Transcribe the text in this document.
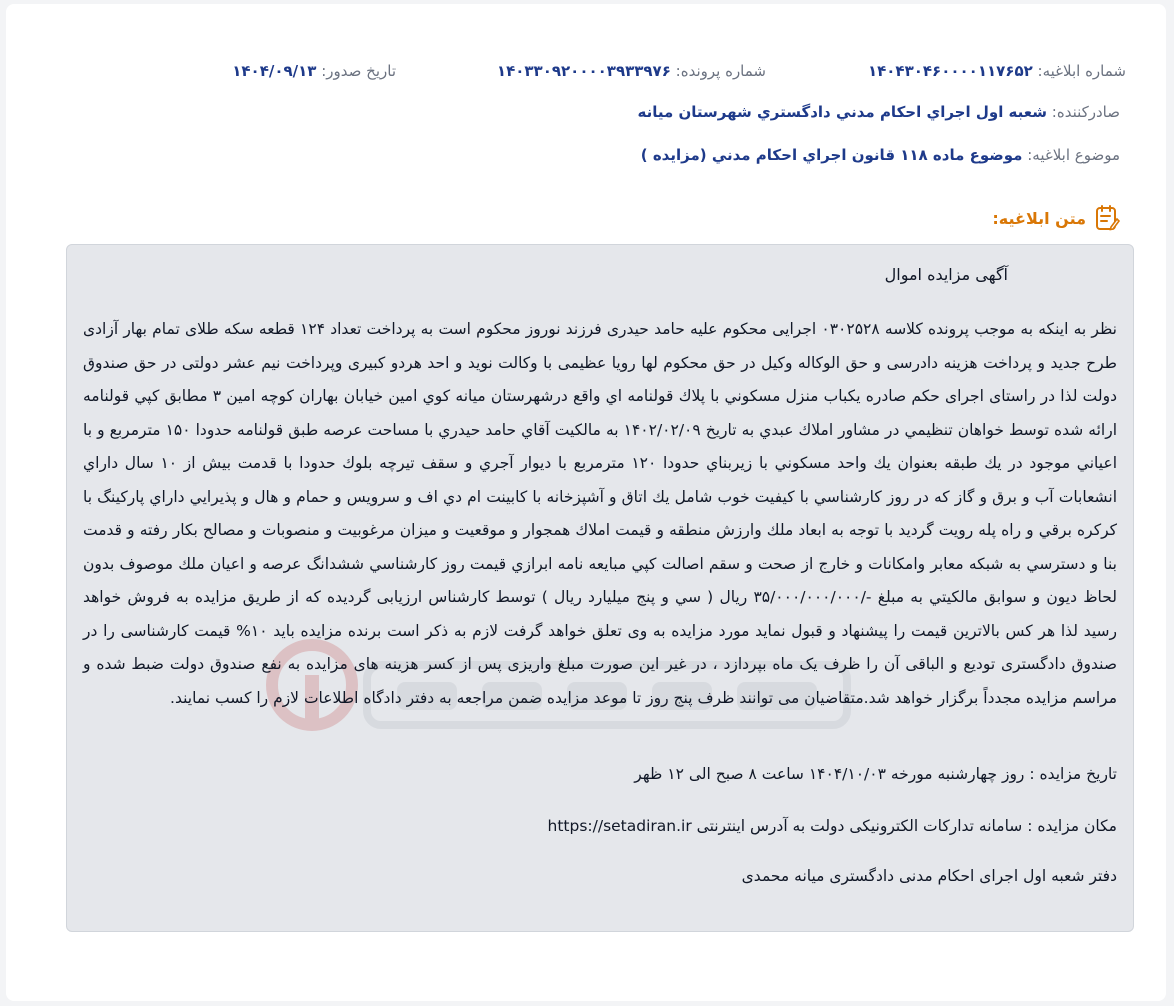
شماره ابلاغیه: ۱۴۰۴۳۰۴۶۰۰۰۰۱۱۷۶۵۲
شماره پرونده: ۱۴۰۳۳۰۹۲۰۰۰۰۳۹۳۳۹۷۶
تاریخ صدور: ۱۴۰۴/۰۹/۱۳
صادرکننده: شعبه اول اجراي احكام مدني دادگستري شهرستان ميانه
موضوع ابلاغیه: موضوع ماده ۱۱۸ قانون اجراي احكام مدني (مزايده )
متن ابلاغیه:
آگهی مزایده اموال
نظر به اینکه به موجب پرونده کلاسه ۰۳۰۲۵۲۸ اجرایی محکوم علیه حامد حیدری فرزند نوروز محکوم است به پرداخت تعداد ۱۲۴ قطعه سکه طلای تمام بهار آزادی طرح جدید و پرداخت هزینه دادرسی و حق الوکاله وکیل در حق محکوم لها رویا عظیمی با وکالت نوید و احد هردو کبیری وپرداخت نیم عشر دولتی در حق صندوق دولت لذا در راستای اجرای حکم صادره یکباب منزل مسكوني با پلاك قولنامه اي واقع درشهرستان میانه كوي امين خيابان بهاران کوچه امين ۳ مطابق كپي قولنامه ارائه شده توسط خواهان تنظيمي در مشاور املاك عبدي به تاريخ ۱۴۰۲/۰۲/۰۹ به مالكيت آقاي حامد حيدري با مساحت عرصه طبق قولنامه حدودا ۱۵۰ مترمربع و با اعياني موجود در يك طبقه بعنوان يك واحد مسكوني با زيربناي حدودا ۱۲۰ مترمربع با ديوار آجري و سقف تيرچه بلوك حدودا با قدمت بيش از ۱۰ سال داراي انشعابات آب و برق و گاز كه در روز كارشناسي با كيفيت خوب شامل يك اتاق و آشپزخانه با كابينت ام دي اف و سرويس و حمام و هال و پذيرايي داراي پاركينگ با كركره برقي و راه پله رويت گرديد با توجه به ابعاد ملك وارزش منطقه و قيمت املاك همجوار و موقعيت و ميزان مرغوبيت و منصوبات و مصالح بكار رفته و قدمت بنا و دسترسي به شبكه معابر وامكانات و خارج از صحت و سقم اصالت كپي مبايعه نامه ابرازي قيمت روز كارشناسي ششدانگ عرصه و اعيان ملك موصوف بدون لحاظ ديون و سوابق مالكيتي به مبلغ -/۳۵/۰۰۰/۰۰۰/۰۰۰ ريال ( سي و پنج ميليارد ريال ) توسط کارشناس ارزیابی گردیده که از طریق مزایده به فروش خواهد رسید لذا هر کس بالاترین قیمت را پیشنهاد و قبول نماید مورد مزایده به وی تعلق خواهد گرفت لازم به ذکر است برنده مزایده باید ۱۰% قیمت کارشناسی را در صندوق دادگستری تودیع و الباقی آن را ظرف یک ماه بپردازد ، در غیر این صورت مبلغ واریزی پس از کسر هزینه های مزایده به نفع صندوق دولت ضبط شده و مراسم مزایده مجدداً برگزار خواهد شد.متقاضیان می توانند ظرف پنج روز تا موعد مزایده ضمن مراجعه به دفتر دادگاه اطلاعات لازم را کسب نمایند.
تاریخ مزایده : روز چهارشنبه مورخه ۱۴۰۴/۱۰/۰۳ ساعت ۸ صبح الی ۱۲ ظهر
مکان مزایده : سامانه تدارکات الکترونیکی دولت به آدرس اینترنتی https://setadiran.ir
دفتر شعبه اول اجرای احکام مدنی دادگستری میانه محمدی
